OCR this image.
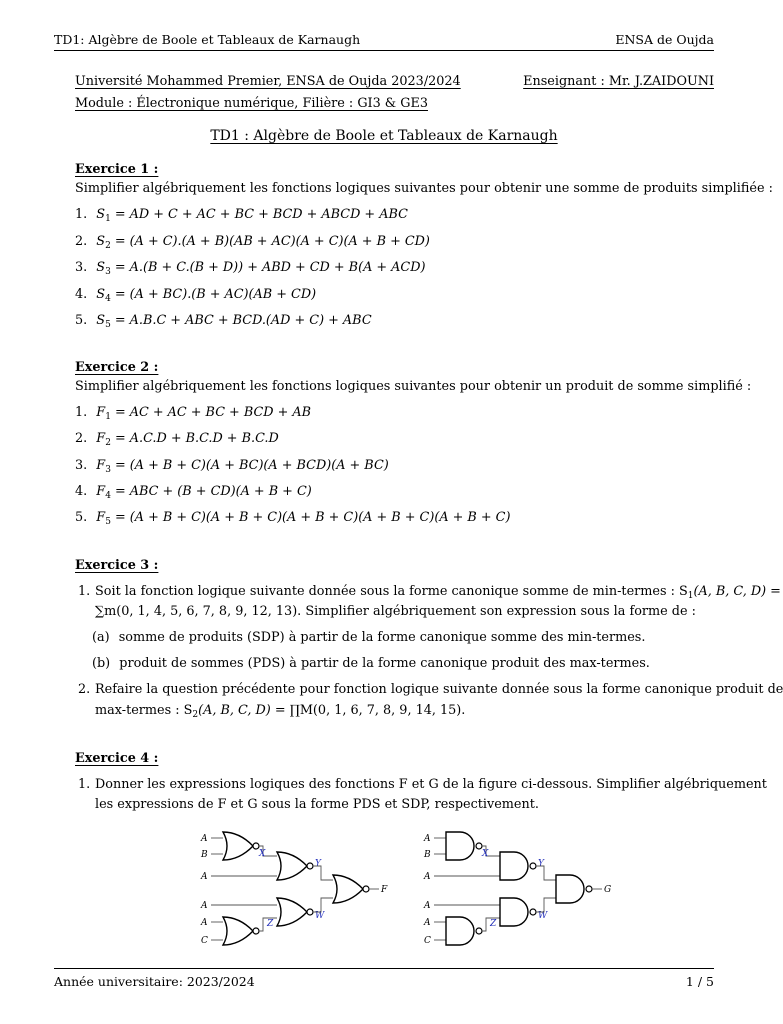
TD1: Algèbre de Boole et Tableaux de Karnaugh	ENSA de Oujda
Université Mohammed Premier, ENSA de Oujda 2023/2024
Module : Électronique numérique, Filière : GI3 & GE3
Enseignant : Mr. J.ZAIDOUNI
TD1 : Algèbre de Boole et Tableaux de Karnaugh
Exercice 1 :
Simplifier algébriquement les fonctions logiques suivantes pour obtenir une somme de produits simplifiée :
1. $S_1$ = AD + C + AC + BC + BCD + ABCD + ABC
2. $S_2 = (A + C).(A + B)(AB + AC)(A + C)(A + B + CD)$
3. $S_3 = A.(B + C.(B + D))$ + ABD + CD + B(A + ACD)
4. $S_4 = (A + BC).(B + AC)(AB + CD)$
5. $S_5 = A.B.C$ + ABC + BCD.(AD + C) + ABC
Exercice 2 :
Simplifier algébriquement les fonctions logiques suivantes pour obtenir un produit de somme simplifié :
1. $F_1$ = AC + AC + BC + BCD + AB
2. $F_2 = A.C.D + B.C.D + B.C.D$
3. $F_3 = (A + B + C)(A + BC)(A + BCD)(A + BC)$
4. $F_4$ = ABC + (B + CD)(A + B + C)
5. $F_5 = (A + B + C)(A + B + C)(A + B + C)(A + B + C)(A + B + C)$
Exercice 3 :
1. Soit la fonction logique suivante donnée sous la forme canonique somme de min-termes : $S_1(A$, B, C, D) =
∑m(0, 1, 4, 5, 6, 7, 8, 9, 12, 13). Simplifier algébriquement son expression sous la forme de :
(a) somme de produits (SDP) à partir de la forme canonique somme des min-termes.
(b) produit de sommes (PDS) à partir de la forme canonique produit des max-termes.
2. Refaire la question précédente pour fonction logique suivante donnée sous la forme canonique produit de
max-termes : $S_2(A$, B, C, D) = ∏M(0, 1, 6, 7, 8, 9, 14, 15).
Exercice 4 :
1. Donner les expressions logiques des fonctions F et G de la figure ci-dessous. Simplifier algébriquement
les expressions de F et G sous la forme PDS et SDP, respectivement.
A
B
A
A
A
C
X
Y
Z
W
F
A
B
A
A
A
C
X
Y
Z
W
G
Année universitaire: 2023/2024	1 / 5
